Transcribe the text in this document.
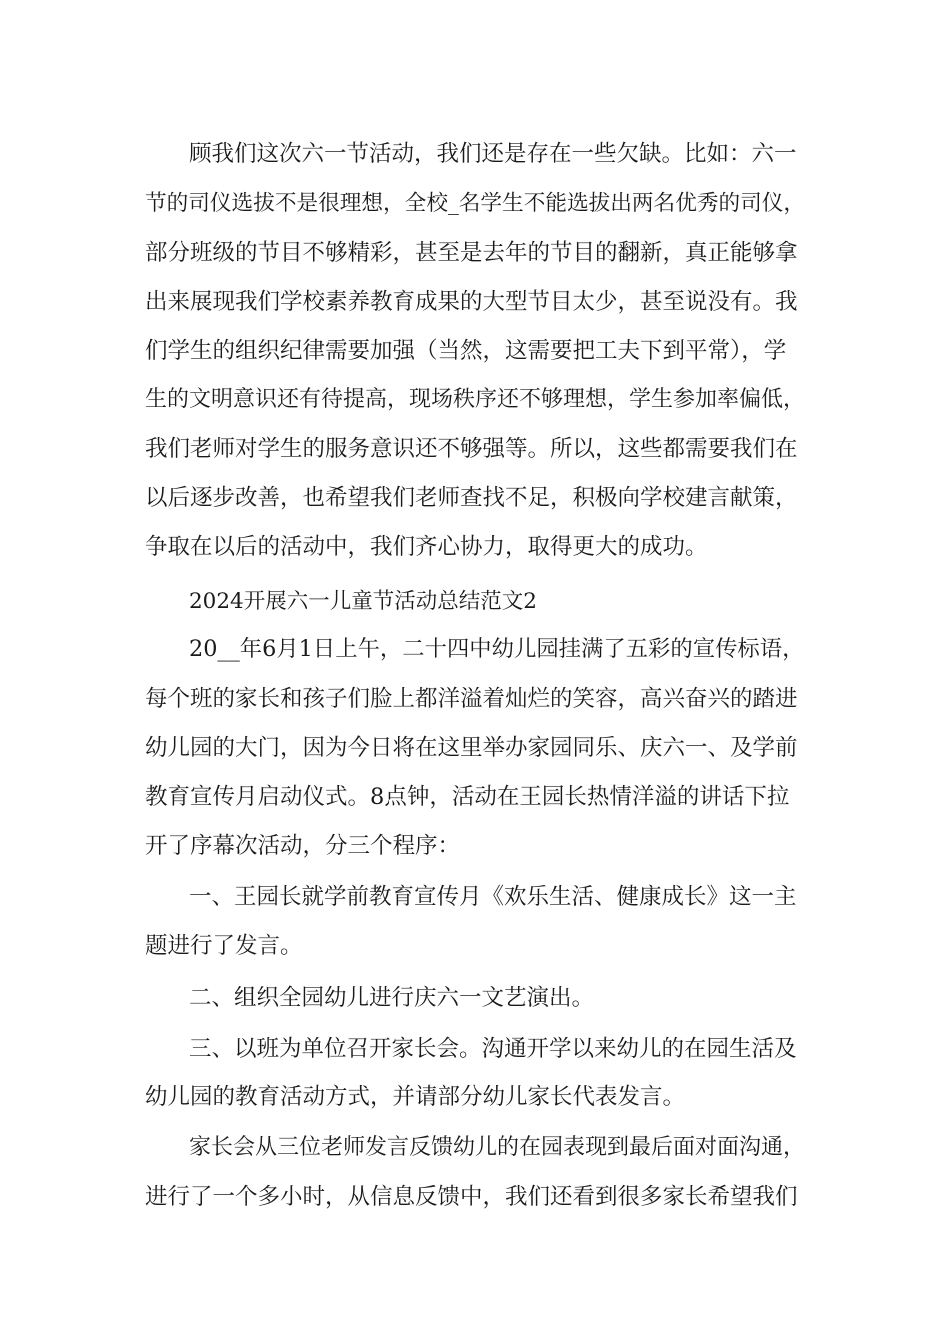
顾我们这次六一节活动，我们还是存在一些欠缺。比如：六一
节的司仪选拔不是很理想，全校_名学生不能选拔出两名优秀的司仪，
部分班级的节目不够精彩，甚至是去年的节目的翻新，真正能够拿
出来展现我们学校素养教育成果的大型节目太少，甚至说没有。我
们学生的组织纪律需要加强（当然，这需要把工夫下到平常），学
生的文明意识还有待提高，现场秩序还不够理想，学生参加率偏低，
我们老师对学生的服务意识还不够强等。所以，这些都需要我们在
以后逐步改善，也希望我们老师查找不足，积极向学校建言献策，
争取在以后的活动中，我们齐心协力，取得更大的成功。
2024开展六一儿童节活动总结范文2
20__年6月1日上午，二十四中幼儿园挂满了五彩的宣传标语，
每个班的家长和孩子们脸上都洋溢着灿烂的笑容，高兴奋兴的踏进
幼儿园的大门，因为今日将在这里举办家园同乐、庆六一、及学前
教育宣传月启动仪式。8点钟，活动在王园长热情洋溢的讲话下拉
开了序幕次活动，分三个程序：
一、王园长就学前教育宣传月《欢乐生活、健康成长》这一主
题进行了发言。
二、组织全园幼儿进行庆六一文艺演出。
三、以班为单位召开家长会。沟通开学以来幼儿的在园生活及
幼儿园的教育活动方式，并请部分幼儿家长代表发言。
家长会从三位老师发言反馈幼儿的在园表现到最后面对面沟通，
进行了一个多小时，从信息反馈中，我们还看到很多家长希望我们
